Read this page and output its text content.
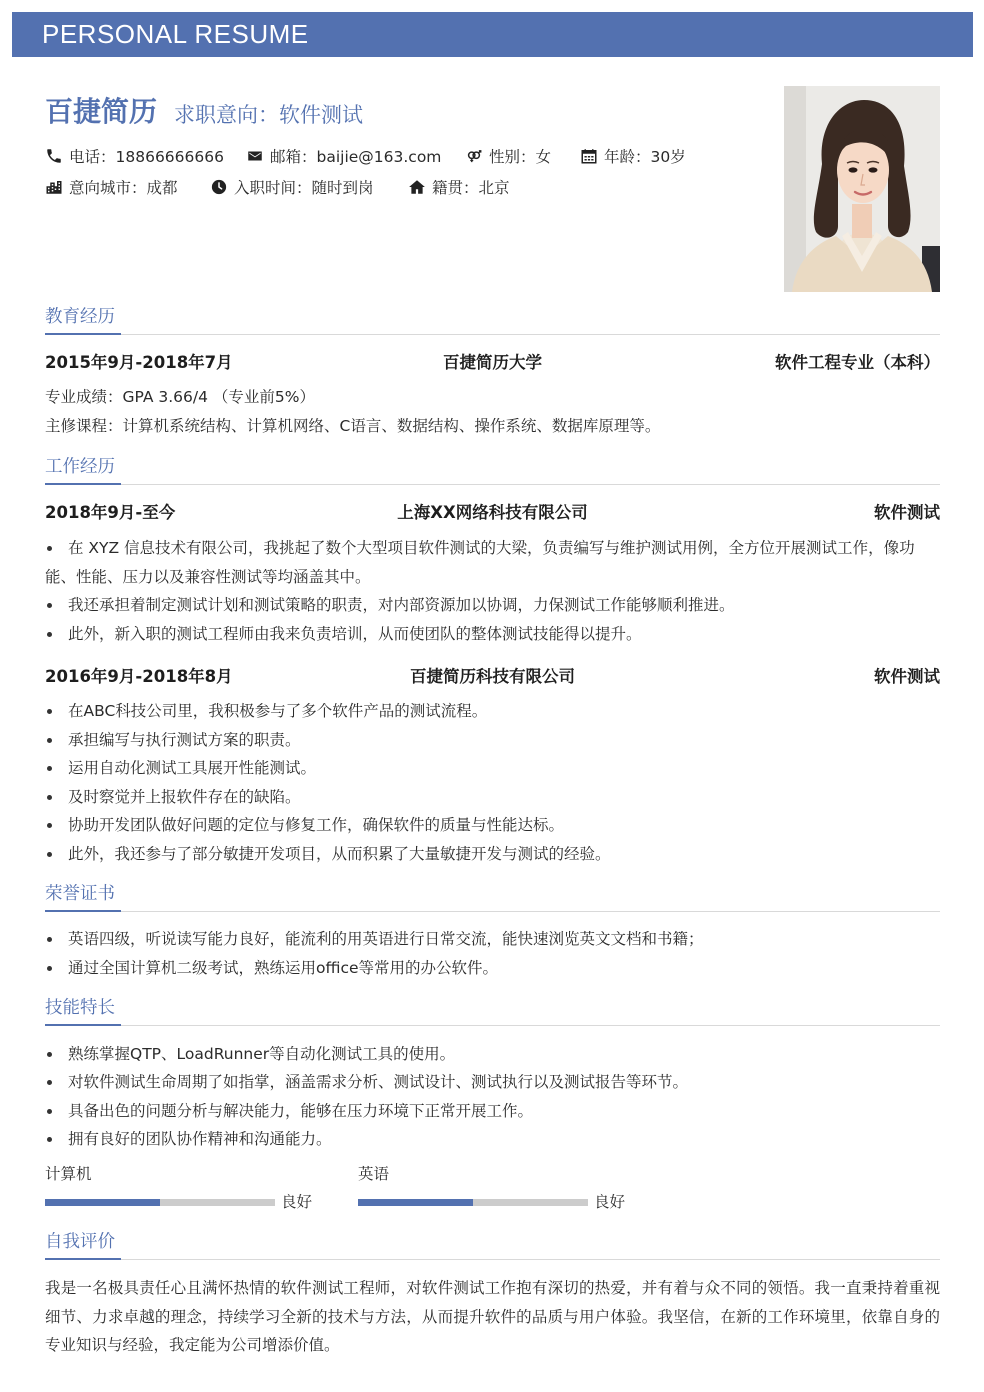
PERSONAL RESUME
百捷简历 求职意向：软件测试
电话：18866666666	邮箱：baijie@163.com	性别：女	年龄：30岁
意向城市：成都	入职时间：随时到岗	籍贯：北京
教育经历
2015年9月-2018年7月	百捷简历大学	软件工程专业（本科）
专业成绩：GPA 3.66/4 （专业前5%）
主修课程：计算机系统结构、计算机网络、C语言、数据结构、操作系统、数据库原理等。
工作经历
2018年9月-至今	上海XX网络科技有限公司	软件测试
在 XYZ 信息技术有限公司，我挑起了数个大型项目软件测试的大梁，负责编写与维护测试用例，全方位开展测试工作，像功能、性能、压力以及兼容性测试等均涵盖其中。
我还承担着制定测试计划和测试策略的职责，对内部资源加以协调，力保测试工作能够顺利推进。
此外，新入职的测试工程师由我来负责培训，从而使团队的整体测试技能得以提升。
2016年9月-2018年8月	百捷简历科技有限公司	软件测试
在ABC科技公司里，我积极参与了多个软件产品的测试流程。
承担编写与执行测试方案的职责。
运用自动化测试工具展开性能测试。
及时察觉并上报软件存在的缺陷。
协助开发团队做好问题的定位与修复工作，确保软件的质量与性能达标。
此外，我还参与了部分敏捷开发项目，从而积累了大量敏捷开发与测试的经验。
荣誉证书
英语四级，听说读写能力良好，能流利的用英语进行日常交流，能快速浏览英文文档和书籍；
通过全国计算机二级考试，熟练运用office等常用的办公软件。
技能特长
熟练掌握QTP、LoadRunner等自动化测试工具的使用。
对软件测试生命周期了如指掌，涵盖需求分析、测试设计、测试执行以及测试报告等环节。
具备出色的问题分析与解决能力，能够在压力环境下正常开展工作。
拥有良好的团队协作精神和沟通能力。
计算机
良好
英语
良好
自我评价
我是一名极具责任心且满怀热情的软件测试工程师，对软件测试工作抱有深切的热爱，并有着与众不同的领悟。我一直秉持着重视细节、力求卓越的理念，持续学习全新的技术与方法，从而提升软件的品质与用户体验。我坚信，在新的工作环境里，依靠自身的专业知识与经验，我定能为公司增添价值。
